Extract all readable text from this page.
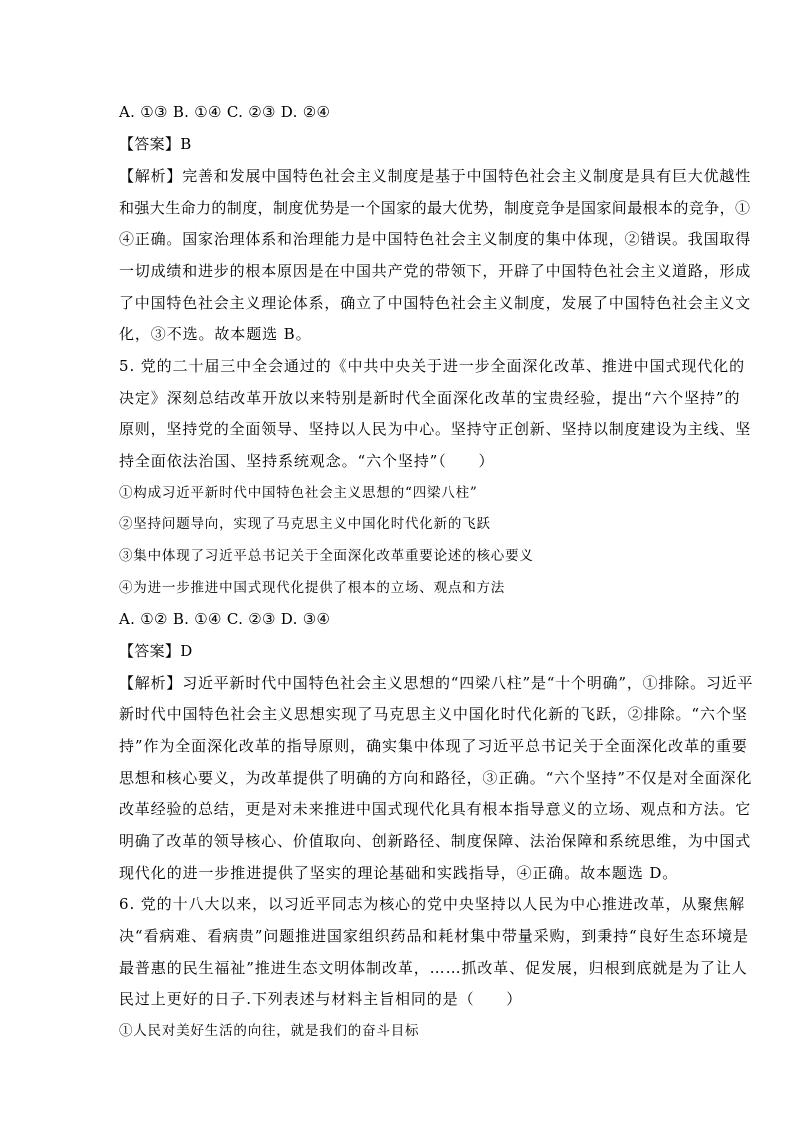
A. ①③ B. ①④ C. ②③ D. ②④
【答案】B
【解析】完善和发展中国特色社会主义制度是基于中国特色社会主义制度是具有巨大优越性
和强大生命力的制度，制度优势是一个国家的最大优势，制度竞争是国家间最根本的竞争，①
④正确。国家治理体系和治理能力是中国特色社会主义制度的集中体现，②错误。我国取得
一切成绩和进步的根本原因是在中国共产党的带领下，开辟了中国特色社会主义道路，形成
了中国特色社会主义理论体系，确立了中国特色社会主义制度，发展了中国特色社会主义文
化，③不选。故本题选 B。
5. 党的二十届三中全会通过的《中共中央关于进一步全面深化改革、推进中国式现代化的
决定》深刻总结改革开放以来特别是新时代全面深化改革的宝贵经验，提出“六个坚持”的
原则，坚持党的全面领导、坚持以人民为中心。坚持守正创新、坚持以制度建设为主线、坚
持全面依法治国、坚持系统观念。“六个坚持”（　　）
①构成习近平新时代中国特色社会主义思想的“四梁八柱”
②坚持问题导向，实现了马克思主义中国化时代化新的飞跃
③集中体现了习近平总书记关于全面深化改革重要论述的核心要义
④为进一步推进中国式现代化提供了根本的立场、观点和方法
A. ①② B. ①④ C. ②③ D. ③④
【答案】D
【解析】习近平新时代中国特色社会主义思想的“四梁八柱”是“十个明确”，①排除。习近平
新时代中国特色社会主义思想实现了马克思主义中国化时代化新的飞跃，②排除。“六个坚
持”作为全面深化改革的指导原则，确实集中体现了习近平总书记关于全面深化改革的重要
思想和核心要义，为改革提供了明确的方向和路径，③正确。“六个坚持”不仅是对全面深化
改革经验的总结，更是对未来推进中国式现代化具有根本指导意义的立场、观点和方法。它
明确了改革的领导核心、价值取向、创新路径、制度保障、法治保障和系统思维，为中国式
现代化的进一步推进提供了坚实的理论基础和实践指导，④正确。故本题选 D。
6. 党的十八大以来，以习近平同志为核心的党中央坚持以人民为中心推进改革，从聚焦解
决“看病难、看病贵”问题推进国家组织药品和耗材集中带量采购，到秉持“良好生态环境是
最普惠的民生福祉”推进生态文明体制改革，……抓改革、促发展，归根到底就是为了让人
民过上更好的日子.下列表述与材料主旨相同的是（　　）
①人民对美好生活的向往，就是我们的奋斗目标
